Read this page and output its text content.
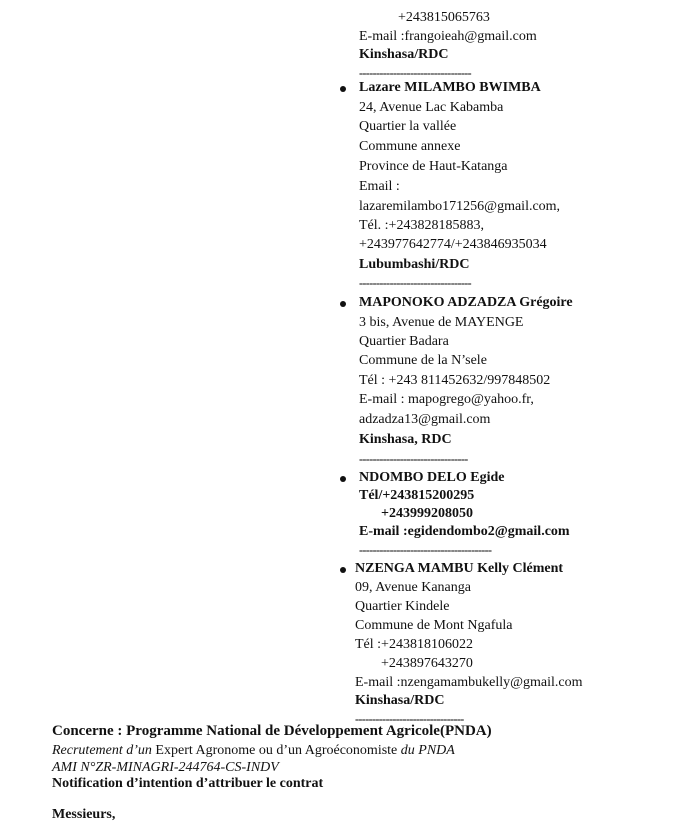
+243815065763
E-mail :frangoieah@gmail.com
Kinshasa/RDC
---------------------------------
Lazare MILAMBO BWIMBA
24, Avenue Lac Kabamba
Quartier la vallée
Commune annexe
Province de Haut-Katanga
Email :
lazaremilambo171256@gmail.com,
Tél. :+243828185883,
+243977642774/+243846935034
Lubumbashi/RDC
---------------------------------
MAPONOKO ADZADZA Grégoire
3 bis, Avenue de MAYENGE
Quartier Badara
Commune de la N’sele
Tél : +243 811452632/997848502
E-mail : mapogrego@yahoo.fr,
adzadza13@gmail.com
Kinshasa, RDC
--------------------------------
NDOMBO DELO Egide
Tél/+243815200295
+243999208050
E-mail :egidendombo2@gmail.com
---------------------------------------
NZENGA MAMBU Kelly Clément
09, Avenue Kananga
Quartier Kindele
Commune de Mont Ngafula
Tél :+243818106022
+243897643270
E-mail :nzengamambukelly@gmail.com
Kinshasa/RDC
--------------------------------
Concerne : Programme National de Développement Agricole(PNDA)
Recrutement d’un Expert Agronome ou d’un Agroéconomiste du PNDA
AMI N°ZR-MINAGRI-244764-CS-INDV
Notification d’intention d’attribuer le contrat
Messieurs,
